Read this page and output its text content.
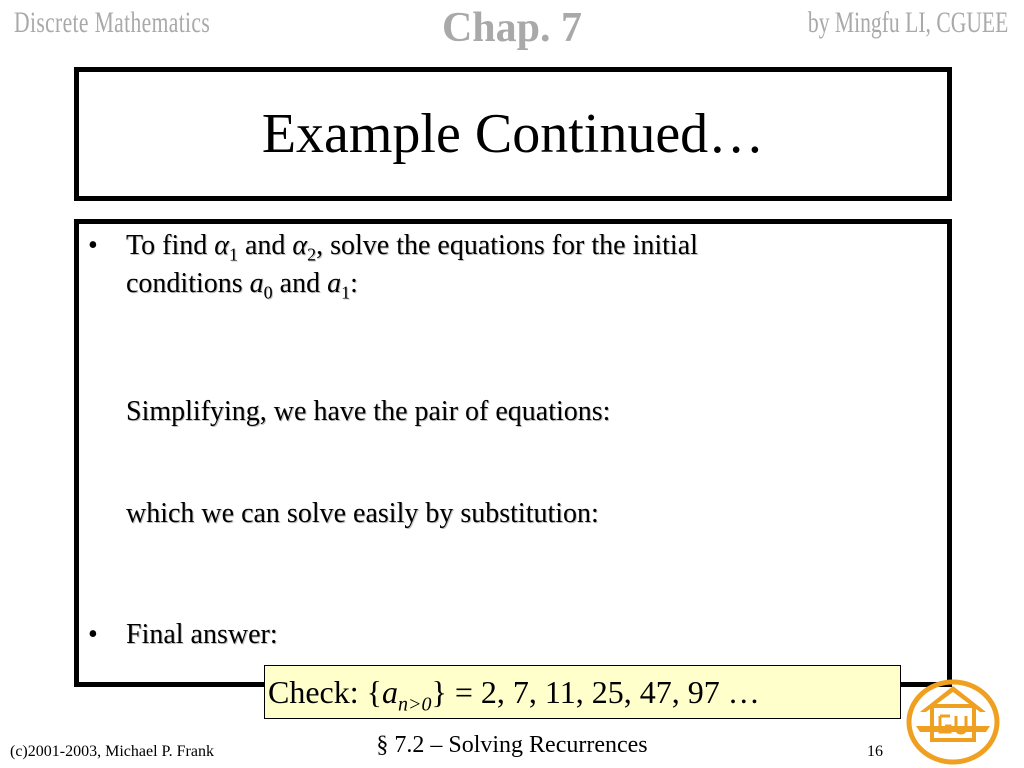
Discrete Mathematics	Chap. 7	by Mingfu LI, CGUEE
Example Continued…
• To find $\alpha_1$ and $\alpha_2$, solve the equations for the initial
conditions $a_0$ and $a_1$:
Simplifying, we have the pair of equations:
which we can solve easily by substitution:
• Final answer:
Check: $\{a_{n>0}\} = 2$, 7, 11, 25, 47, 97 …
(c)2001-2003, Michael P. Frank	§ 7.2 – Solving Recurrences	16
